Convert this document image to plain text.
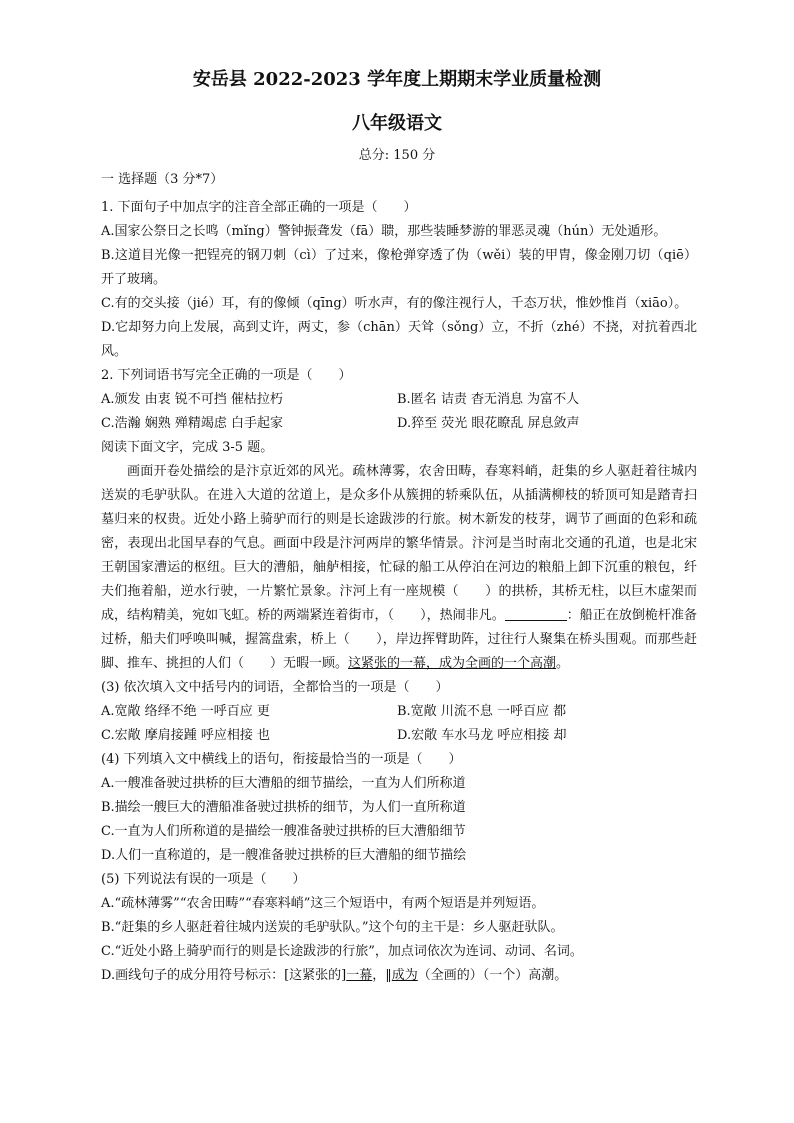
安岳县 2022-2023 学年度上期期末学业质量检测
八年级语文
总分: 150 分
一 选择题（3 分*7）
1. 下面句子中加点字的注音全部正确的一项是（　　）
A.国家公祭日之长鸣（mǐng）警钟振聋发（fā）聩，那些装睡梦游的罪恶灵魂（hún）无处遁形。
B.这道目光像一把锃亮的钢刀刺（cì）了过来，像枪弹穿透了伪（wěi）装的甲胄，像金刚刀切（qiē）开了玻璃。
C.有的交头接（jié）耳，有的像倾（qīng）听水声，有的像注视行人，千态万状，惟妙惟肖（xiāo）。
D.它却努力向上发展，高到丈许，两丈，参（chān）天耸（sǒng）立，不折（zhé）不挠，对抗着西北风。
2. 下列词语书写完全正确的一项是（　　）
A.颁发 由衷 锐不可挡 催枯拉朽	B.匿名 诘责 杳无消息 为富不人
C.浩瀚 娴熟 殚精竭虑 白手起家	D.猝至 荧光 眼花瞭乱 屏息敛声
阅读下面文字，完成 3-5 题。
画面开卷处描绘的是汴京近郊的风光。疏林薄雾，农舍田畴，春寒料峭，赶集的乡人驱赶着往城内送炭的毛驴驮队。在进入大道的岔道上，是众多仆从簇拥的轿乘队伍，从插满柳枝的轿顶可知是踏青扫墓归来的权贵。近处小路上骑驴而行的则是长途跋涉的行旅。树木新发的枝芽，调节了画面的色彩和疏密，表现出北国早春的气息。画面中段是汴河两岸的繁华情景。汴河是当时南北交通的孔道，也是北宋王朝国家漕运的枢纽。巨大的漕船，舳舻相接，忙碌的船工从停泊在河边的粮船上卸下沉重的粮包，纤夫们拖着船，逆水行驶，一片繁忙景象。汴河上有一座规模（　　）的拱桥，其桥无柱，以巨木虚架而成，结构精美，宛如飞虹。桥的两端紧连着街市，（　　），热闹非凡。	：船正在放倒桅杆准备过桥，船夫们呼唤叫喊，握篙盘索，桥上（　　），岸边挥臂助阵，过往行人聚集在桥头围观。而那些赶脚、推车、挑担的人们（　　）无暇一顾。这紧张的一幕，成为全画的一个高潮。
(3) 依次填入文中括号内的词语，全都恰当的一项是（　　）
A.宽敞 络绎不绝 一呼百应 更	B.宽敞 川流不息 一呼百应 都
C.宏敞 摩肩接踵 呼应相接 也	D.宏敞 车水马龙 呼应相接 却
(4) 下列填入文中横线上的语句，衔接最恰当的一项是（　　）
A.一艘准备驶过拱桥的巨大漕船的细节描绘，一直为人们所称道
B.描绘一艘巨大的漕船准备驶过拱桥的细节，为人们一直所称道
C.一直为人们所称道的是描绘一艘准备驶过拱桥的巨大漕船细节
D.人们一直称道的，是一艘准备驶过拱桥的巨大漕船的细节描绘
(5) 下列说法有误的一项是（　　）
A.“疏林薄雾”“农舍田畴”“春寒料峭”这三个短语中，有两个短语是并列短语。
B.“赶集的乡人驱赶着往城内送炭的毛驴驮队。”这个句的主干是：乡人驱赶驮队。
C.“近处小路上骑驴而行的则是长途跋涉的行旅”，加点词依次为连词、动词、名词。
D.画线句子的成分用符号标示：[这紧张的]一幕，‖成为（全画的）（一个）高潮。
